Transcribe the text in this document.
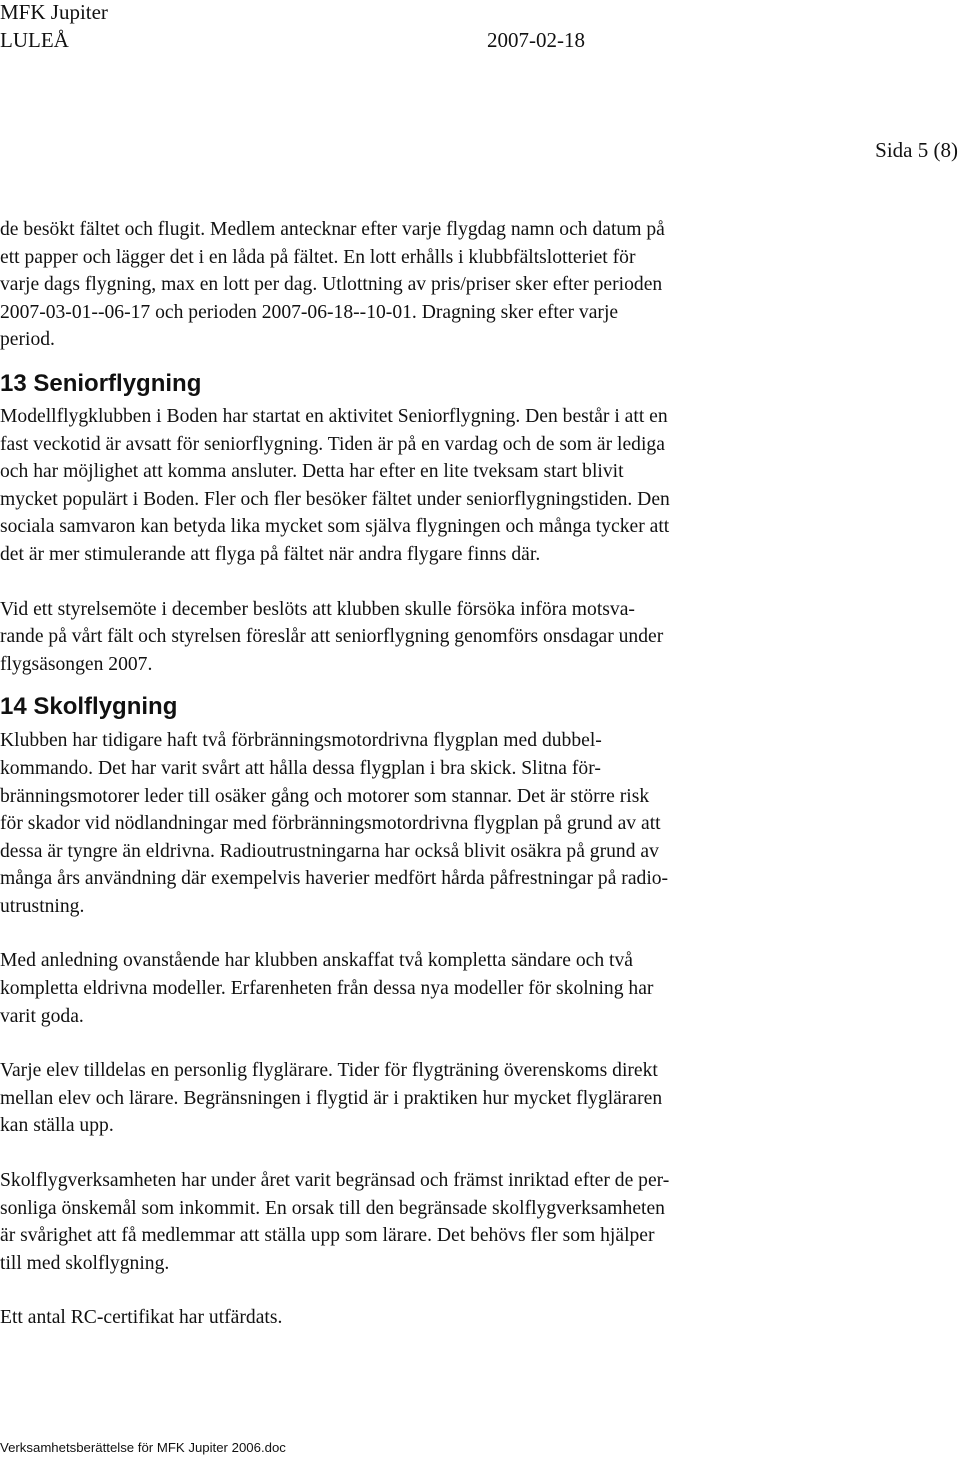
MFK Jupiter
LULEÅ	2007-02-18
Sida 5 (8)

de besökt fältet och flugit. Medlem antecknar efter varje flygdag namn och datum på

ett papper och lägger det i en låda på fältet. En lott erhålls i klubbfältslotteriet för

varje dags flygning, max en lott per dag. Utlottning av pris/priser sker efter perioden

2007-03-01--06-17 och perioden 2007-06-18--10-01. Dragning sker efter varje

period.

13 Seniorflygning

Modellflygklubben i Boden har startat en aktivitet Seniorflygning. Den består i att en

fast veckotid är avsatt för seniorflygning. Tiden är på en vardag och de som är lediga

och har möjlighet att komma ansluter. Detta har efter en lite tveksam start blivit

mycket populärt i Boden. Fler och fler besöker fältet under seniorflygningstiden. Den

sociala samvaron kan betyda lika mycket som själva flygningen och många tycker att

det är mer stimulerande att flyga på fältet när andra flygare finns där.

Vid ett styrelsemöte i december beslöts att klubben skulle försöka införa motsva-

rande på vårt fält och styrelsen föreslår att seniorflygning genomförs onsdagar under

flygsäsongen 2007.

14 Skolflygning

Klubben har tidigare haft två förbränningsmotordrivna flygplan med dubbel-

kommando. Det har varit svårt att hålla dessa flygplan i bra skick. Slitna för-

bränningsmotorer leder till osäker gång och motorer som stannar. Det är större risk

för skador vid nödlandningar med förbränningsmotordrivna flygplan på grund av att

dessa är tyngre än eldrivna. Radioutrustningarna har också blivit osäkra på grund av

många års användning där exempelvis haverier medfört hårda påfrestningar på radio-

utrustning.

Med anledning ovanstående har klubben anskaffat två kompletta sändare och två

kompletta eldrivna modeller. Erfarenheten från dessa nya modeller för skolning har

varit goda.

Varje elev tilldelas en personlig flyglärare. Tider för flygträning överenskoms direkt

mellan elev och lärare. Begränsningen i flygtid är i praktiken hur mycket flygläraren

kan ställa upp.

Skolflygverksamheten har under året varit begränsad och främst inriktad efter de per-

sonliga önskemål som inkommit. En orsak till den begränsade skolflygverksamheten

är svårighet att få medlemmar att ställa upp som lärare. Det behövs fler som hjälper

till med skolflygning.

Ett antal RC-certifikat har utfärdats.

Verksamhetsberättelse för MFK Jupiter 2006.doc
